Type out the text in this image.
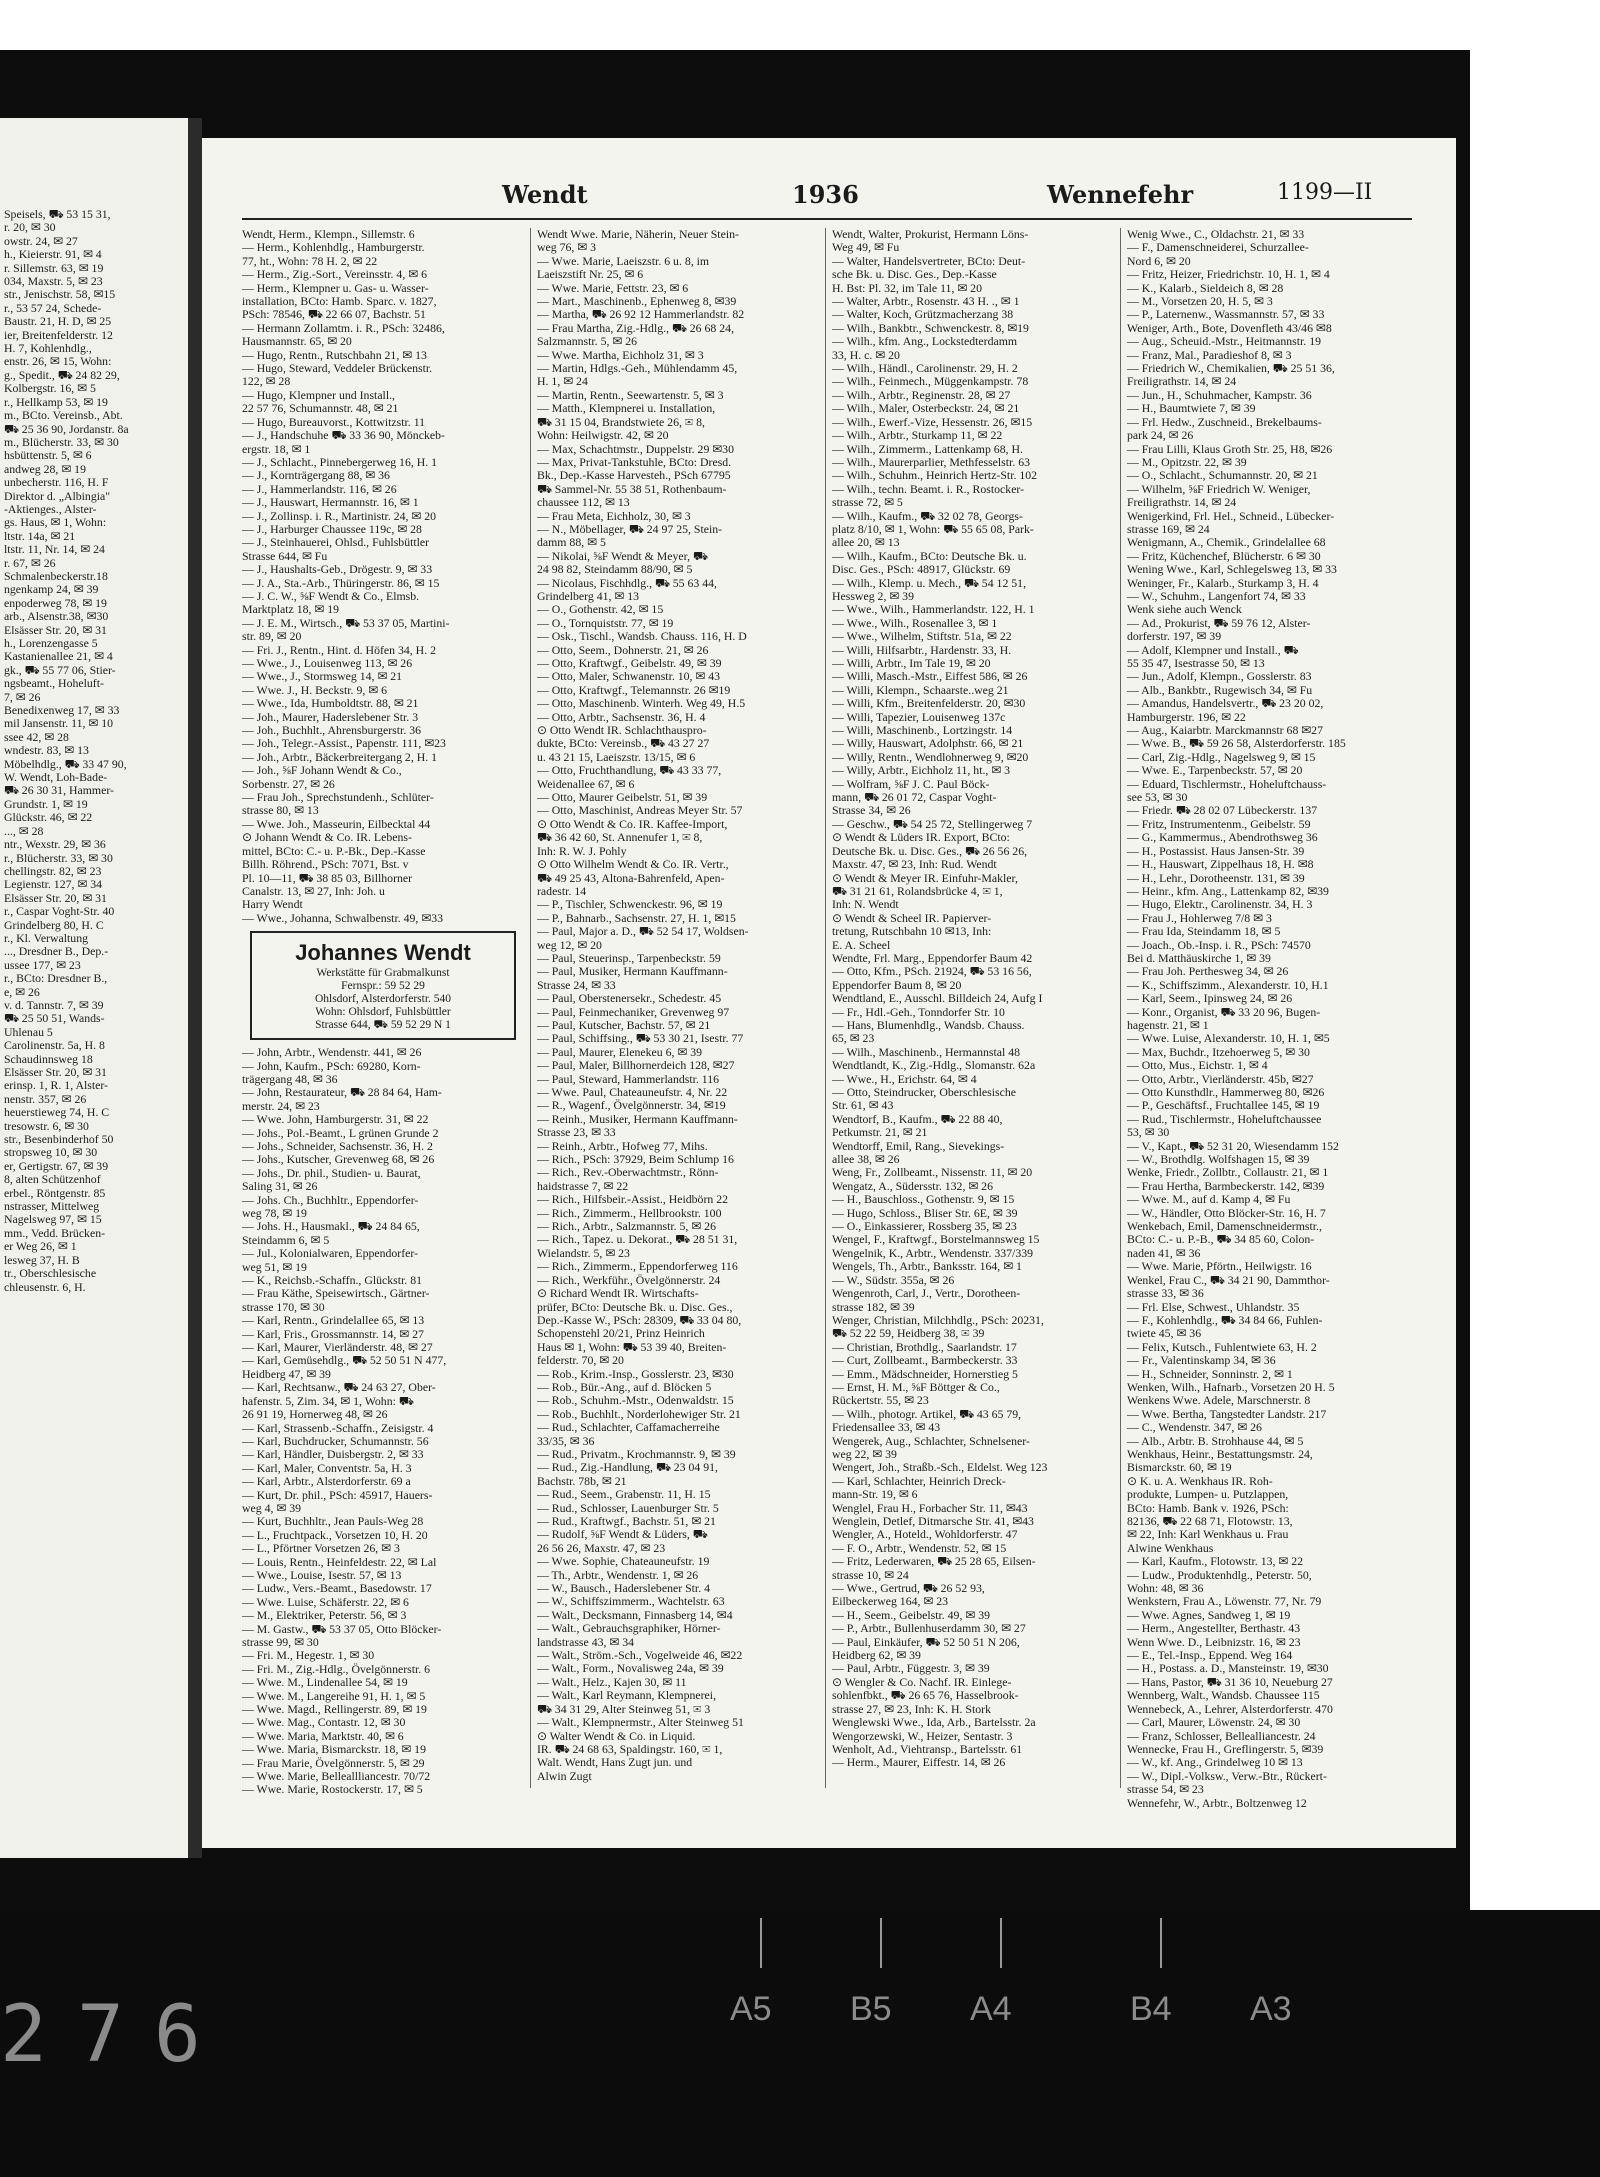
Speisels, ⛟ 53 15 31,
r. 20, ✉ 30
owstr. 24, ✉ 27
h., Kieierstr. 91, ✉ 4
r. Sillemstr. 63, ✉ 19
034, Maxstr. 5, ✉ 23
str., Jenischstr. 58, ✉15
r., 53 57 24, Schede-
Baustr. 21, H. D, ✉ 25
ier, Breitenfelderstr. 12
H. 7, Kohlenhdlg.,
enstr. 26, ✉ 15, Wohn:
g., Spedit., ⛟ 24 82 29,
Kolbergstr. 16, ✉ 5
r., Hellkamp 53, ✉ 19
m., BCto. Vereinsb., Abt.
⛟ 25 36 90, Jordanstr. 8a
m., Blücherstr. 33, ✉ 30
hsbüttenstr. 5, ✉ 6
andweg 28, ✉ 19
unbecherstr. 116, H. F
Direktor d. „Albingia"
-Aktienges., Alster-
gs. Haus, ✉ 1, Wohn:
ltstr. 14a, ✉ 21
ltstr. 11, Nr. 14, ✉ 24
r. 67, ✉ 26
Schmalenbeckerstr.18
ngenkamp 24, ✉ 39
enpoderweg 78, ✉ 19
arb., Alsenstr.38, ✉30
Elsässer Str. 20, ✉ 31
h., Lorenzengasse 5
Kastanienallee 21, ✉ 4
gk., ⛟ 55 77 06, Stier-
ngsbeamt., Hoheluft-
7, ✉ 26
Benedixenweg 17, ✉ 33
mil Jansenstr. 11, ✉ 10
ssee 42, ✉ 28
wndestr. 83, ✉ 13
Möbelhdlg., ⛟ 33 47 90,
W. Wendt, Loh-Bade-
⛟ 26 30 31, Hammer-
Grundstr. 1, ✉ 19
Glückstr. 46, ✉ 22
..., ✉ 28
ntr., Wexstr. 29, ✉ 36
r., Blücherstr. 33, ✉ 30
chellingstr. 82, ✉ 23
Legienstr. 127, ✉ 34
Elsässer Str. 20, ✉ 31
r., Caspar Voght-Str. 40
Grindelberg 80, H. C
r., Kl. Verwaltung
..., Dresdner B., Dep.-
ussee 177, ✉ 23
r., BCto: Dresdner B.,
e, ✉ 26
v. d. Tannstr. 7, ✉ 39
⛟ 25 50 51, Wands-
Uhlenau 5
Carolinenstr. 5a, H. 8
Schaudinnsweg 18
Elsässer Str. 20, ✉ 31
erinsp. 1, R. 1, Alster-
nenstr. 357, ✉ 26
heuerstieweg 74, H. C
tresowstr. 6, ✉ 30
str., Besenbinderhof 50
stropsweg 10, ✉ 30
er, Gertigstr. 67, ✉ 39
8, alten Schützenhof
erbel., Röntgenstr. 85
nstrasser, Mittelweg
Nagelsweg 97, ✉ 15
mm., Vedd. Brücken-
er Weg 26, ✉ 1
lesweg 37, H. B
tr., Oberschlesische
chleusenstr. 6, H.
Wendt	1936	Wennefehr	1199—II
Wendt, Herm., Klempn., Sillemstr. 6
— Herm., Kohlenhdlg., Hamburgerstr.
77, ht., Wohn: 78 H. 2, ✉ 22
— Herm., Zig.-Sort., Vereinsstr. 4, ✉ 6
— Herm., Klempner u. Gas- u. Wasser-
installation, BCto: Hamb. Sparc. v. 1827,
PSch: 78546, ⛟ 22 66 07, Bachstr. 51
— Hermann Zollamtm. i. R., PSch: 32486,
Hausmannstr. 65, ✉ 20
— Hugo, Rentn., Rutschbahn 21, ✉ 13
— Hugo, Steward, Veddeler Brückenstr.
122, ✉ 28
— Hugo, Klempner und Install.,
22 57 76, Schumannstr. 48, ✉ 21
— Hugo, Bureauvorst., Kottwitzstr. 11
— J., Handschuhe ⛟ 33 36 90, Mönckeb-
ergstr. 18, ✉ 1
— J., Schlacht., Pinnebergerweg 16, H. 1
— J., Kornträgergang 88, ✉ 36
— J., Hammerlandstr. 116, ✉ 26
— J., Hauswart, Hermannstr. 16, ✉ 1
— J., Zollinsp. i. R., Martinistr. 24, ✉ 20
— J., Harburger Chaussee 119c, ✉ 28
— J., Steinhauerei, Ohlsd., Fuhlsbüttler
Strasse 644, ✉ Fu
— J., Haushalts-Geb., Drögestr. 9, ✉ 33
— J. A., Sta.-Arb., Thüringerstr. 86, ✉ 15
— J. C. W., ⅝F Wendt & Co., Elmsb.
Marktplatz 18, ✉ 19
— J. E. M., Wirtsch., ⛟ 53 37 05, Martini-
str. 89, ✉ 20
— Fri. J., Rentn., Hint. d. Höfen 34, H. 2
— Wwe., J., Louisenweg 113, ✉ 26
— Wwe., J., Stormsweg 14, ✉ 21
— Wwe. J., H. Beckstr. 9, ✉ 6
— Wwe., Ida, Humboldtstr. 88, ✉ 21
— Joh., Maurer, Haderslebener Str. 3
— Joh., Buchhlt., Ahrensburgerstr. 36
— Joh., Telegr.-Assist., Papenstr. 111, ✉23
— Joh., Arbtr., Bäckerbreitergang 2, H. 1
— Joh., ⅝F Johann Wendt & Co.,
Sorbenstr. 27, ✉ 26
— Frau Joh., Sprechstundenh., Schlüter-
strasse 80, ✉ 13
— Wwe. Joh., Masseurin, Eilbecktal 44
⊙ Johann Wendt & Co. IR. Lebens-
mittel, BCto: C.- u. P.-Bk., Dep.-Kasse
Billh. Röhrend., PSch: 7071, Bst. v
Pl. 10—11, ⛟ 38 85 03, Billhorner
Canalstr. 13, ✉ 27, Inh: Joh. u
Harry Wendt
— Wwe., Johanna, Schwalbenstr. 49, ✉33
Johannes Wendt
Werkstätte für Grabmalkunst
Fernspr.: 59 52 29
Ohlsdorf, Alsterdorferstr. 540
Wohn: Ohlsdorf, Fuhlsbüttler
Strasse 644, ⛟ 59 52 29 N 1
— John, Arbtr., Wendenstr. 441, ✉ 26
— John, Kaufm., PSch: 69280, Korn-
trägergang 48, ✉ 36
— John, Restaurateur, ⛟ 28 84 64, Ham-
merstr. 24, ✉ 23
— Wwe. John, Hamburgerstr. 31, ✉ 22
— Johs., Pol.-Beamt., L grünen Grunde 2
— Johs., Schneider, Sachsenstr. 36, H. 2
— Johs., Kutscher, Grevenweg 68, ✉ 26
— Johs., Dr. phil., Studien- u. Baurat,
Saling 31, ✉ 26
— Johs. Ch., Buchhltr., Eppendorfer-
weg 78, ✉ 19
— Johs. H., Hausmakl., ⛟ 24 84 65,
Steindamm 6, ✉ 5
— Jul., Kolonialwaren, Eppendorfer-
weg 51, ✉ 19
— K., Reichsb.-Schaffn., Glückstr. 81
— Frau Käthe, Speisewirtsch., Gärtner-
strasse 170, ✉ 30
— Karl, Rentn., Grindelallee 65, ✉ 13
— Karl, Fris., Grossmannstr. 14, ✉ 27
— Karl, Maurer, Vierländerstr. 48, ✉ 27
— Karl, Gemüsehdlg., ⛟ 52 50 51 N 477,
Heidberg 47, ✉ 39
— Karl, Rechtsanw., ⛟ 24 63 27, Ober-
hafenstr. 5, Zim. 34, ✉ 1, Wohn: ⛟
26 91 19, Hornerweg 48, ✉ 26
— Karl, Strassenb.-Schaffn., Zeisigstr. 4
— Karl, Buchdrucker, Schumannstr. 56
— Karl, Händler, Duisbergstr. 2, ✉ 33
— Karl, Maler, Conventstr. 5a, H. 3
— Karl, Arbtr., Alsterdorferstr. 69 a
— Kurt, Dr. phil., PSch: 45917, Hauers-
weg 4, ✉ 39
— Kurt, Buchhltr., Jean Pauls-Weg 28
— L., Fruchtpack., Vorsetzen 10, H. 20
— L., Pförtner Vorsetzen 26, ✉ 3
— Louis, Rentn., Heinfeldestr. 22, ✉ Lal
— Wwe., Louise, Isestr. 57, ✉ 13
— Ludw., Vers.-Beamt., Basedowstr. 17
— Wwe. Luise, Schäferstr. 22, ✉ 6
— M., Elektriker, Peterstr. 56, ✉ 3
— M. Gastw., ⛟ 53 37 05, Otto Blöcker-
strasse 99, ✉ 30
— Fri. M., Hegestr. 1, ✉ 30
— Fri. M., Zig.-Hdlg., Övelgönnerstr. 6
— Wwe. M., Lindenallee 54, ✉ 19
— Wwe. M., Langereihe 91, H. 1, ✉ 5
— Wwe. Magd., Rellingerstr. 89, ✉ 19
— Wwe. Mag., Contastr. 12, ✉ 30
— Wwe. Maria, Marktstr. 40, ✉ 6
— Wwe. Maria, Bismarckstr. 18, ✉ 19
— Frau Marie, Övelgönnerstr. 5, ✉ 29
— Wwe. Marie, Belleallliancestr. 70/72
— Wwe. Marie, Rostockerstr. 17, ✉ 5
Wendt Wwe. Marie, Näherin, Neuer Stein-
weg 76, ✉ 3
— Wwe. Marie, Laeiszstr. 6 u. 8, im
Laeiszstift Nr. 25, ✉ 6
— Wwe. Marie, Fettstr. 23, ✉ 6
— Mart., Maschinenb., Ephenweg 8, ✉39
— Martha, ⛟ 26 92 12 Hammerlandstr. 82
— Frau Martha, Zig.-Hdlg., ⛟ 26 68 24,
Salzmannstr. 5, ✉ 26
— Wwe. Martha, Eichholz 31, ✉ 3
— Martin, Hdlgs.-Geh., Mühlendamm 45,
H. 1, ✉ 24
— Martin, Rentn., Seewartenstr. 5, ✉ 3
— Matth., Klempnerei u. Installation,
⛟ 31 15 04, Brandstwiete 26, ✉ 8,
Wohn: Heilwigstr. 42, ✉ 20
— Max, Schachtmstr., Duppelstr. 29 ✉30
— Max, Privat-Tankstuhle, BCto: Dresd.
Bk., Dep.-Kasse Harvesteh., PSch 67795
⛟ Sammel-Nr. 55 38 51, Rothenbaum-
chaussee 112, ✉ 13
— Frau Meta, Eichholz, 30, ✉ 3
— N., Möbellager, ⛟ 24 97 25, Stein-
damm 88, ✉ 5
— Nikolai, ⅝F Wendt & Meyer, ⛟
24 98 82, Steindamm 88/90, ✉ 5
— Nicolaus, Fischhdlg., ⛟ 55 63 44,
Grindelberg 41, ✉ 13
— O., Gothenstr. 42, ✉ 15
— O., Tornquiststr. 77, ✉ 19
— Osk., Tischl., Wandsb. Chauss. 116, H. D
— Otto, Seem., Dohnerstr. 21, ✉ 26
— Otto, Kraftwgf., Geibelstr. 49, ✉ 39
— Otto, Maler, Schwanenstr. 10, ✉ 43
— Otto, Kraftwgf., Telemannstr. 26 ✉19
— Otto, Maschinenb. Winterh. Weg 49, H.5
— Otto, Arbtr., Sachsenstr. 36, H. 4
⊙ Otto Wendt IR. Schlachthauspro-
dukte, BCto: Vereinsb., ⛟ 43 27 27
u. 43 21 15, Laeiszstr. 13/15, ✉ 6
— Otto, Fruchthandlung, ⛟ 43 33 77,
Weidenallee 67, ✉ 6
— Otto, Maurer Geibelstr. 51, ✉ 39
— Otto, Maschinist, Andreas Meyer Str. 57
⊙ Otto Wendt & Co. IR. Kaffee-Import,
⛟ 36 42 60, St. Annenufer 1, ✉ 8,
Inh: R. W. J. Pohly
⊙ Otto Wilhelm Wendt & Co. IR. Vertr.,
⛟ 49 25 43, Altona-Bahrenfeld, Apen-
radestr. 14
— P., Tischler, Schwenckestr. 96, ✉ 19
— P., Bahnarb., Sachsenstr. 27, H. 1, ✉15
— Paul, Major a. D., ⛟ 52 54 17, Woldsen-
weg 12, ✉ 20
— Paul, Steuerinsp., Tarpenbeckstr. 59
— Paul, Musiker, Hermann Kauffmann-
Strasse 24, ✉ 33
— Paul, Oberstenersekr., Schedestr. 45
— Paul, Feinmechaniker, Grevenweg 97
— Paul, Kutscher, Bachstr. 57, ✉ 21
— Paul, Schiffsing., ⛟ 53 30 21, Isestr. 77
— Paul, Maurer, Elenekeu 6, ✉ 39
— Paul, Maler, Billhornerdeich 128, ✉27
— Paul, Steward, Hammerlandstr. 116
— Wwe. Paul, Chateauneufstr. 4, Nr. 22
— R., Wagenf., Övelgönnerstr. 34, ✉19
— Reinh., Musiker, Hermann Kauffmann-
Strasse 23, ✉ 33
— Reinh., Arbtr., Hofweg 77, Mihs.
— Rich., PSch: 37929, Beim Schlump 16
— Rich., Rev.-Oberwachtmstr., Rönn-
haidstrasse 7, ✉ 22
— Rich., Hilfsbeir.-Assist., Heidbörn 22
— Rich., Zimmerm., Hellbrookstr. 100
— Rich., Arbtr., Salzmannstr. 5, ✉ 26
— Rich., Tapez. u. Dekorat., ⛟ 28 51 31,
Wielandstr. 5, ✉ 23
— Rich., Zimmerm., Eppendorferweg 116
— Rich., Werkführ., Övelgönnerstr. 24
⊙ Richard Wendt IR. Wirtschafts-
prüfer, BCto: Deutsche Bk. u. Disc. Ges.,
Dep.-Kasse W., PSch: 28309, ⛟ 33 04 80,
Schopenstehl 20/21, Prinz Heinrich
Haus ✉ 1, Wohn: ⛟ 53 39 40, Breiten-
felderstr. 70, ✉ 20
— Rob., Krim.-Insp., Gosslerstr. 23, ✉30
— Rob., Bür.-Ang., auf d. Blöcken 5
— Rob., Schuhm.-Mstr., Odenwaldstr. 15
— Rob., Buchhlt., Norderlohewiger Str. 21
— Rud., Schlachter, Caffamacherreihe
33/35, ✉ 36
— Rud., Privatm., Krochmannstr. 9, ✉ 39
— Rud., Zig.-Handlung, ⛟ 23 04 91,
Bachstr. 78b, ✉ 21
— Rud., Seem., Grabenstr. 11, H. 15
— Rud., Schlosser, Lauenburger Str. 5
— Rud., Kraftwgf., Bachstr. 51, ✉ 21
— Rudolf, ⅝F Wendt & Lüders, ⛟
26 56 26, Maxstr. 47, ✉ 23
— Wwe. Sophie, Chateauneufstr. 19
— Th., Arbtr., Wendenstr. 1, ✉ 26
— W., Bausch., Haderslebener Str. 4
— W., Schiffszimmerm., Wachtelstr. 63
— Walt., Decksmann, Finnasberg 14, ✉4
— Walt., Gebrauchsgraphiker, Hörner-
landstrasse 43, ✉ 34
— Walt., Ström.-Sch., Vogelweide 46, ✉22
— Walt., Form., Novalisweg 24a, ✉ 39
— Walt., Helz., Kajen 30, ✉ 11
— Walt., Karl Reymann, Klempnerei,
⛟ 34 31 29, Alter Steinweg 51, ✉ 3
— Walt., Klempnermstr., Alter Steinweg 51
⊙ Walter Wendt & Co. in Liquid.
IR. ⛟ 24 68 63, Spaldingstr. 160, ✉ 1,
Walt. Wendt, Hans Zugt jun. und
Alwin Zugt
Wendt, Walter, Prokurist, Hermann Löns-
Weg 49, ✉ Fu
— Walter, Handelsvertreter, BCto: Deut-
sche Bk. u. Disc. Ges., Dep.-Kasse
H. Bst: Pl. 32, im Tale 11, ✉ 20
— Walter, Arbtr., Rosenstr. 43 H. ., ✉ 1
— Walter, Koch, Grützmacherzang 38
— Wilh., Bankbtr., Schwenckestr. 8, ✉19
— Wilh., kfm. Ang., Lockstedterdamm
33, H. c. ✉ 20
— Wilh., Händl., Carolinenstr. 29, H. 2
— Wilh., Feinmech., Müggenkampstr. 78
— Wilh., Arbtr., Reginenstr. 28, ✉ 27
— Wilh., Maler, Osterbeckstr. 24, ✉ 21
— Wilh., Ewerf.-Vize, Hessenstr. 26, ✉15
— Wilh., Arbtr., Sturkamp 11, ✉ 22
— Wilh., Zimmerm., Lattenkamp 68, H.
— Wilh., Maurerparlier, Methfesselstr. 63
— Wilh., Schuhm., Heinrich Hertz-Str. 102
— Wilh., techn. Beamt. i. R., Rostocker-
strasse 72, ✉ 5
— Wilh., Kaufm., ⛟ 32 02 78, Georgs-
platz 8/10, ✉ 1, Wohn: ⛟ 55 65 08, Park-
allee 20, ✉ 13
— Wilh., Kaufm., BCto: Deutsche Bk. u.
Disc. Ges., PSch: 48917, Glückstr. 69
— Wilh., Klemp. u. Mech., ⛟ 54 12 51,
Hessweg 2, ✉ 39
— Wwe., Wilh., Hammerlandstr. 122, H. 1
— Wwe., Wilh., Rosenallee 3, ✉ 1
— Wwe., Wilhelm, Stiftstr. 51a, ✉ 22
— Willi, Hilfsarbtr., Hardenstr. 33, H.
— Willi, Arbtr., Im Tale 19, ✉ 20
— Willi, Masch.-Mstr., Eiffest 586, ✉ 26
— Willi, Klempn., Schaarste..weg 21
— Willi, Kfm., Breitenfelderstr. 20, ✉30
— Willi, Tapezier, Louisenweg 137c
— Willi, Maschinenb., Lortzingstr. 14
— Willy, Hauswart, Adolphstr. 66, ✉ 21
— Willy, Rentn., Wendlohnerweg 9, ✉20
— Willy, Arbtr., Eichholz 11, ht., ✉ 3
— Wolfram, ⅝F J. C. Paul Böck-
mann, ⛟ 26 01 72, Caspar Voght-
Strasse 34, ✉ 26
— Geschw., ⛟ 54 25 72, Stellingerweg 7
⊙ Wendt & Lüders IR. Export, BCto:
Deutsche Bk. u. Disc. Ges., ⛟ 26 56 26,
Maxstr. 47, ✉ 23, Inh: Rud. Wendt
⊙ Wendt & Meyer IR. Einfuhr-Makler,
⛟ 31 21 61, Rolandsbrücke 4, ✉ 1,
Inh: N. Wendt
⊙ Wendt & Scheel IR. Papierver-
tretung, Rutschbahn 10 ✉13, Inh:
E. A. Scheel
Wendte, Frl. Marg., Eppendorfer Baum 42
— Otto, Kfm., PSch. 21924, ⛟ 53 16 56,
Eppendorfer Baum 8, ✉ 20
Wendtland, E., Ausschl. Billdeich 24, Aufg I
— Fr., Hdl.-Geh., Tonndorfer Str. 10
— Hans, Blumenhdlg., Wandsb. Chauss.
65, ✉ 23
— Wilh., Maschinenb., Hermannstal 48
Wendtlandt, K., Zig.-Hdlg., Slomanstr. 62a
— Wwe., H., Erichstr. 64, ✉ 4
— Otto, Steindrucker, Oberschlesische
Str. 61, ✉ 43
Wendtorf, B., Kaufm., ⛟ 22 88 40,
Petkumstr. 21, ✉ 21
Wendtorff, Emil, Rang., Sievekings-
allee 38, ✉ 26
Weng, Fr., Zollbeamt., Nissenstr. 11, ✉ 20
Wengatz, A., Südersstr. 132, ✉ 26
— H., Bauschloss., Gothenstr. 9, ✉ 15
— Hugo, Schloss., Bliser Str. 6E, ✉ 39
— O., Einkassierer, Rossberg 35, ✉ 23
Wengel, F., Kraftwgf., Borstelmannsweg 15
Wengelnik, K., Arbtr., Wendenstr. 337/339
Wengels, Th., Arbtr., Banksstr. 164, ✉ 1
— W., Südstr. 355a, ✉ 26
Wengenroth, Carl, J., Vertr., Dorotheen-
strasse 182, ✉ 39
Wenger, Christian, Milchhdlg., PSch: 20231,
⛟ 52 22 59, Heidberg 38, ✉ 39
— Christian, Brothdlg., Saarlandstr. 17
— Curt, Zollbeamt., Barmbeckerstr. 33
— Emm., Mädschneider, Hornerstieg 5
— Ernst, H. M., ⅝F Böttger & Co.,
Rückertstr. 55, ✉ 23
— Wilh., photogr. Artikel, ⛟ 43 65 79,
Friedensallee 33, ✉ 43
Wengerek, Aug., Schlachter, Schnelsener-
weg 22, ✉ 39
Wengert, Joh., Straßb.-Sch., Eldelst. Weg 123
— Karl, Schlachter, Heinrich Dreck-
mann-Str. 19, ✉ 6
Wenglel, Frau H., Forbacher Str. 11, ✉43
Wenglein, Detlef, Ditmarsche Str. 41, ✉43
Wengler, A., Hoteld., Wohldorferstr. 47
— F. O., Arbtr., Wendenstr. 52, ✉ 15
— Fritz, Lederwaren, ⛟ 25 28 65, Eilsen-
strasse 10, ✉ 24
— Wwe., Gertrud, ⛟ 26 52 93,
Eilbeckerweg 164, ✉ 23
— H., Seem., Geibelstr. 49, ✉ 39
— P., Arbtr., Bullenhuserdamm 30, ✉ 27
— Paul, Einkäufer, ⛟ 52 50 51 N 206,
Heidberg 62, ✉ 39
— Paul, Arbtr., Függestr. 3, ✉ 39
⊙ Wengler & Co. Nachf. IR. Einlege-
sohlenfbkt., ⛟ 26 65 76, Hasselbrook-
strasse 27, ✉ 23, Inh: K. H. Stork
Wenglewski Wwe., Ida, Arb., Bartelsstr. 2a
Wengorzewski, W., Heizer, Sentastr. 3
Wenholt, Ad., Viehtransp., Bartelsstr. 61
— Herm., Maurer, Eiffestr. 14, ✉ 26
Wenig Wwe., C., Oldachstr. 21, ✉ 33
— F., Damenschneiderei, Schurzallee-
Nord 6, ✉ 20
— Fritz, Heizer, Friedrichstr. 10, H. 1, ✉ 4
— K., Kalarb., Sieldeich 8, ✉ 28
— M., Vorsetzen 20, H. 5, ✉ 3
— P., Laternenw., Wassmannstr. 57, ✉ 33
Weniger, Arth., Bote, Dovenfleth 43/46 ✉8
— Aug., Scheuid.-Mstr., Heitmannstr. 19
— Franz, Mal., Paradieshof 8, ✉ 3
— Friedrich W., Chemikalien, ⛟ 25 51 36,
Freiligrathstr. 14, ✉ 24
— Jun., H., Schuhmacher, Kampstr. 36
— H., Baumtwiete 7, ✉ 39
— Frl. Hedw., Zuschneid., Brekelbaums-
park 24, ✉ 26
— Frau Lilli, Klaus Groth Str. 25, H8, ✉26
— M., Opitzstr. 22, ✉ 39
— O., Schlacht., Schumannstr. 20, ✉ 21
— Wilhelm, ⅝F Friedrich W. Weniger,
Freiligrathstr. 14, ✉ 24
Wenigerkind, Frl. Hel., Schneid., Lübecker-
strasse 169, ✉ 24
Wenigmann, A., Chemik., Grindelallee 68
— Fritz, Küchenchef, Blücherstr. 6 ✉ 30
Wening Wwe., Karl, Schlegelsweg 13, ✉ 33
Weninger, Fr., Kalarb., Sturkamp 3, H. 4
— W., Schuhm., Langenfort 74, ✉ 33
Wenk siehe auch Wenck
— Ad., Prokurist, ⛟ 59 76 12, Alster-
dorferstr. 197, ✉ 39
— Adolf, Klempner und Install., ⛟
55 35 47, Isestrasse 50, ✉ 13
— Jun., Adolf, Klempn., Gosslerstr. 83
— Alb., Bankbtr., Rugewisch 34, ✉ Fu
— Amandus, Handelsvertr., ⛟ 23 20 02,
Hamburgerstr. 196, ✉ 22
— Aug., Kaiarbtr. Marckmannstr 68 ✉27
— Wwe. B., ⛟ 59 26 58, Alsterdorferstr. 185
— Carl, Zig.-Hdlg., Nagelsweg 9, ✉ 15
— Wwe. E., Tarpenbeckstr. 57, ✉ 20
— Eduard, Tischlermstr., Hoheluftchauss-
see 53, ✉ 30
— Friedr. ⛟ 28 02 07 Lübeckerstr. 137
— Fritz, Instrumentenm., Geibelstr. 59
— G., Kammermus., Abendrothsweg 36
— H., Postassist. Haus Jansen-Str. 39
— H., Hauswart, Zippelhaus 18, H. ✉8
— H., Lehr., Dorotheenstr. 131, ✉ 39
— Heinr., kfm. Ang., Lattenkamp 82, ✉39
— Hugo, Elektr., Carolinenstr. 34, H. 3
— Frau J., Hohlerweg 7/8 ✉ 3
— Frau Ida, Steindamm 18, ✉ 5
— Joach., Ob.-Insp. i. R., PSch: 74570
Bei d. Matthäuskirche 1, ✉ 39
— Frau Joh. Perthesweg 34, ✉ 26
— K., Schiffszimm., Alexanderstr. 10, H.1
— Karl, Seem., Ipinsweg 24, ✉ 26
— Konr., Organist, ⛟ 33 20 96, Bugen-
hagenstr. 21, ✉ 1
— Wwe. Luise, Alexanderstr. 10, H. 1, ✉5
— Max, Buchdr., Itzehoerweg 5, ✉ 30
— Otto, Mus., Eichstr. 1, ✉ 4
— Otto, Arbtr., Vierländerstr. 45b, ✉27
— Otto Kunsthdlr., Hammerweg 80, ✉26
— P., Geschäftsf., Fruchtallee 145, ✉ 19
— Rud., Tischlermstr., Hoheluftchaussee
53, ✉ 30
— V., Kapt., ⛟ 52 31 20, Wiesendamm 152
— W., Brothdlg. Wolfshagen 15, ✉ 39
Wenke, Friedr., Zollbtr., Collaustr. 21, ✉ 1
— Frau Hertha, Barmbeckerstr. 142, ✉39
— Wwe. M., auf d. Kamp 4, ✉ Fu
— W., Händler, Otto Blöcker-Str. 16, H. 7
Wenkebach, Emil, Damenschneidermstr.,
BCto: C.- u. P.-B., ⛟ 34 85 60, Colon-
naden 41, ✉ 36
— Wwe. Marie, Pförtn., Heilwigstr. 16
Wenkel, Frau C., ⛟ 34 21 90, Dammthor-
strasse 33, ✉ 36
— Frl. Else, Schwest., Uhlandstr. 35
— F., Kohlenhdlg., ⛟ 34 84 66, Fuhlen-
twiete 45, ✉ 36
— Felix, Kutsch., Fuhlentwiete 63, H. 2
— Fr., Valentinskamp 34, ✉ 36
— H., Schneider, Sonninstr. 2, ✉ 1
Wenken, Wilh., Hafnarb., Vorsetzen 20 H. 5
Wenkens Wwe. Adele, Marschnerstr. 8
— Wwe. Bertha, Tangstedter Landstr. 217
— C., Wendenstr. 347, ✉ 26
— Alb., Arbtr. B. Strohhause 44, ✉ 5
Wenkhaus, Heinr., Bestattungsmstr. 24,
Bismarckstr. 60, ✉ 19
⊙ K. u. A. Wenkhaus IR. Roh-
produkte, Lumpen- u. Putzlappen,
BCto: Hamb. Bank v. 1926, PSch:
82136, ⛟ 22 68 71, Flotowstr. 13,
✉ 22, Inh: Karl Wenkhaus u. Frau
Alwine Wenkhaus
— Karl, Kaufm., Flotowstr. 13, ✉ 22
— Ludw., Produktenhdlg., Peterstr. 50,
Wohn: 48, ✉ 36
Wenkstern, Frau A., Löwenstr. 77, Nr. 79
— Wwe. Agnes, Sandweg 1, ✉ 19
— Herm., Angestellter, Berthastr. 43
Wenn Wwe. D., Leibnizstr. 16, ✉ 23
— E., Tel.-Insp., Eppend. Weg 164
— H., Postass. a. D., Mansteinstr. 19, ✉30
— Hans, Pastor, ⛟ 31 36 10, Neueburg 27
Wennberg, Walt., Wandsb. Chaussee 115
Wennebeck, A., Lehrer, Alsterdorferstr. 470
— Carl, Maurer, Löwenstr. 24, ✉ 30
— Franz, Schlosser, Bellealliancestr. 24
Wennecke, Frau H., Greflingerstr. 5, ✉39
— W., kf. Ang., Grindelweg 10 ✉ 13
— W., Dipl.-Volksw., Verw.-Btr., Rückert-
strasse 54, ✉ 23
Wennefehr, W., Arbtr., Boltzenweg 12
276	A5 B5 A4	B4 A3
